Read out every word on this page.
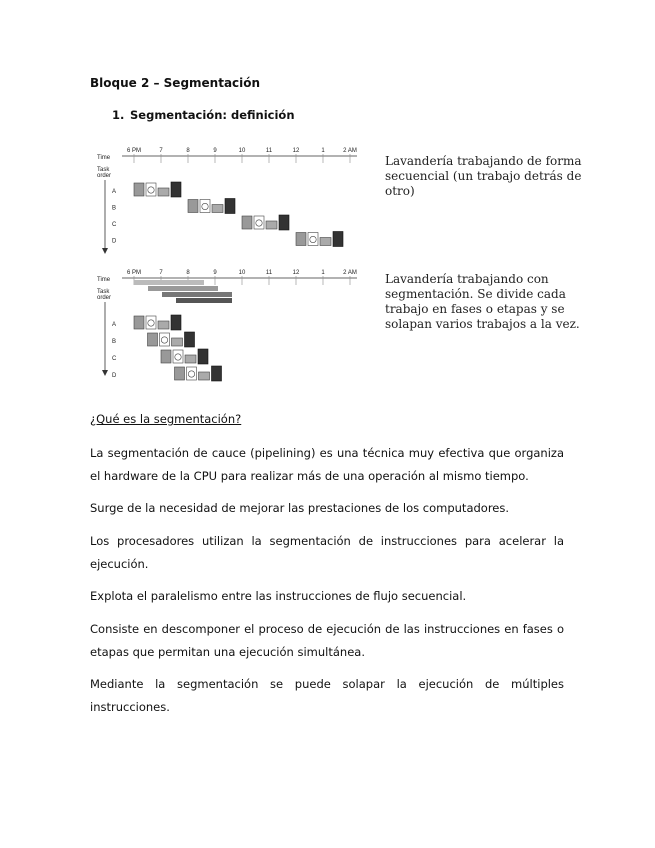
Bloque 2 – Segmentación
1. Segmentación: definición
Time
6 PM	7	8	9	10	11	12	1	2 AM
Task
order
A
B
C
D
Time
6 PM	7	8	9	10	11	12	1	2 AM
Task
order
A
B
C
D
Lavandería trabajando de forma secuencial (un trabajo detrás de otro)
Lavandería trabajando con segmentación. Se divide cada trabajo en fases o etapas y se solapan varios trabajos a la vez.
¿Qué es la segmentación?
La segmentación de cauce (pipelining) es una técnica muy efectiva que organiza el hardware de la CPU para realizar más de una operación al mismo tiempo.
Surge de la necesidad de mejorar las prestaciones de los computadores.
Los procesadores utilizan la segmentación de instrucciones para acelerar la ejecución.
Explota el paralelismo entre las instrucciones de flujo secuencial.
Consiste en descomponer el proceso de ejecución de las instrucciones en fases o etapas que permitan una ejecución simultánea.
Mediante la segmentación se puede solapar la ejecución de múltiples instrucciones.
